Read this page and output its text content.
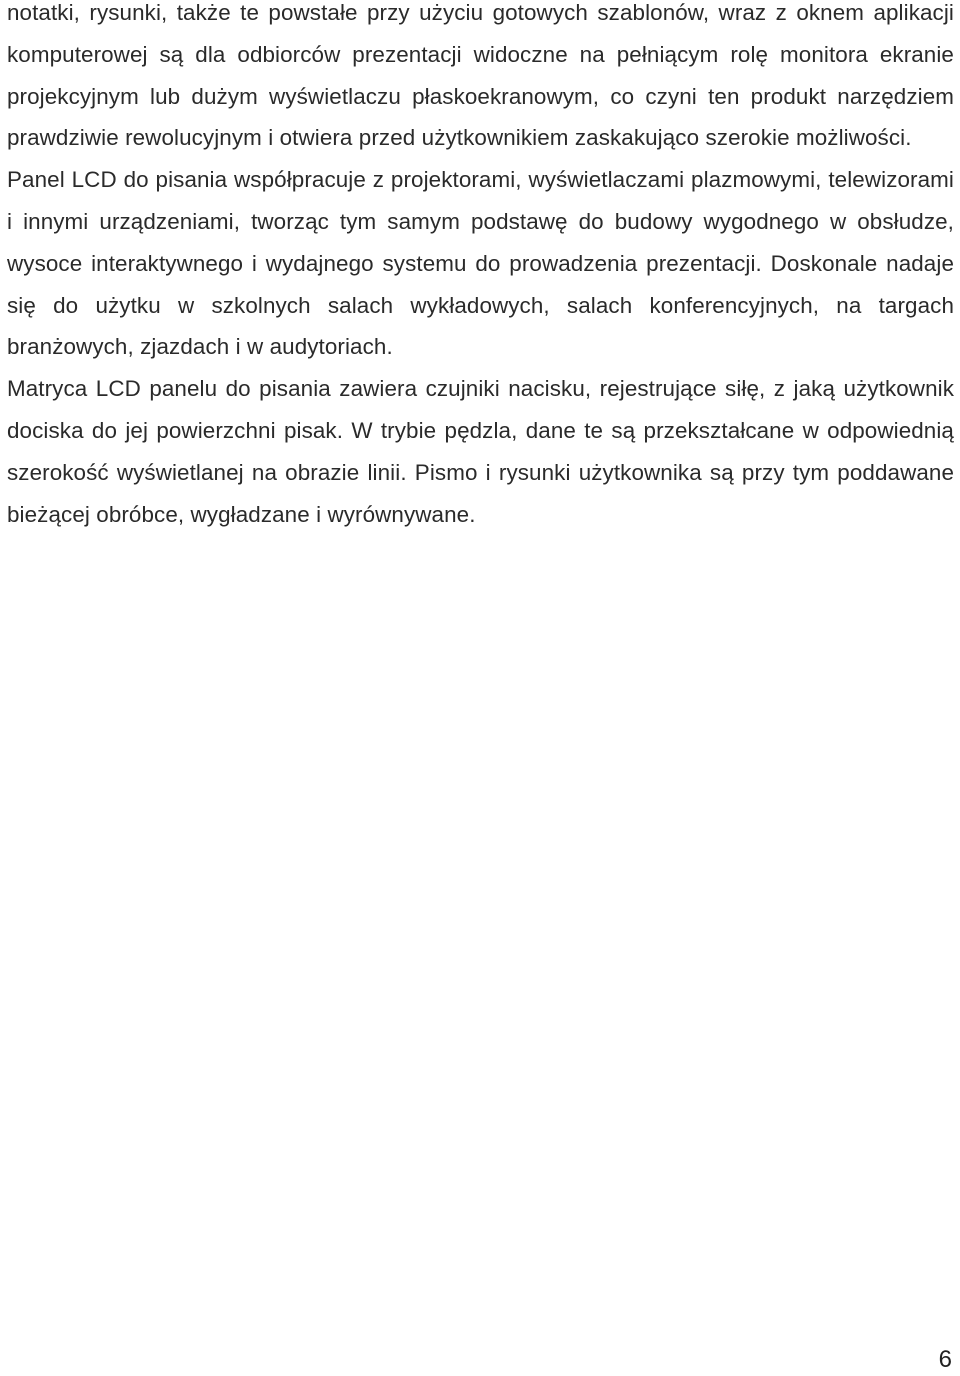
notatki, rysunki, także te powstałe przy użyciu gotowych szablonów, wraz z oknem aplikacji komputerowej są dla odbiorców prezentacji widoczne na pełniącym rolę monitora ekranie projekcyjnym lub dużym wyświetlaczu płaskoekranowym, co czyni ten produkt narzędziem prawdziwie rewolucyjnym i otwiera przed użytkownikiem zaskakująco szerokie możliwości.

Panel LCD do pisania współpracuje z projektorami, wyświetlaczami plazmowymi, telewizorami i innymi urządzeniami, tworząc tym samym podstawę do budowy wygodnego w obsłudze, wysoce interaktywnego i wydajnego systemu do prowadzenia prezentacji. Doskonale nadaje się do użytku w szkolnych salach wykładowych, salach konferencyjnych, na targach branżowych, zjazdach i w audytoriach.

Matryca LCD panelu do pisania zawiera czujniki nacisku, rejestrujące siłę, z jaką użytkownik dociska do jej powierzchni pisak. W trybie pędzla, dane te są przekształcane w odpowiednią szerokość wyświetlanej na obrazie linii. Pismo i rysunki użytkownika są przy tym poddawane bieżącej obróbce, wygładzane i wyrównywane.

6
